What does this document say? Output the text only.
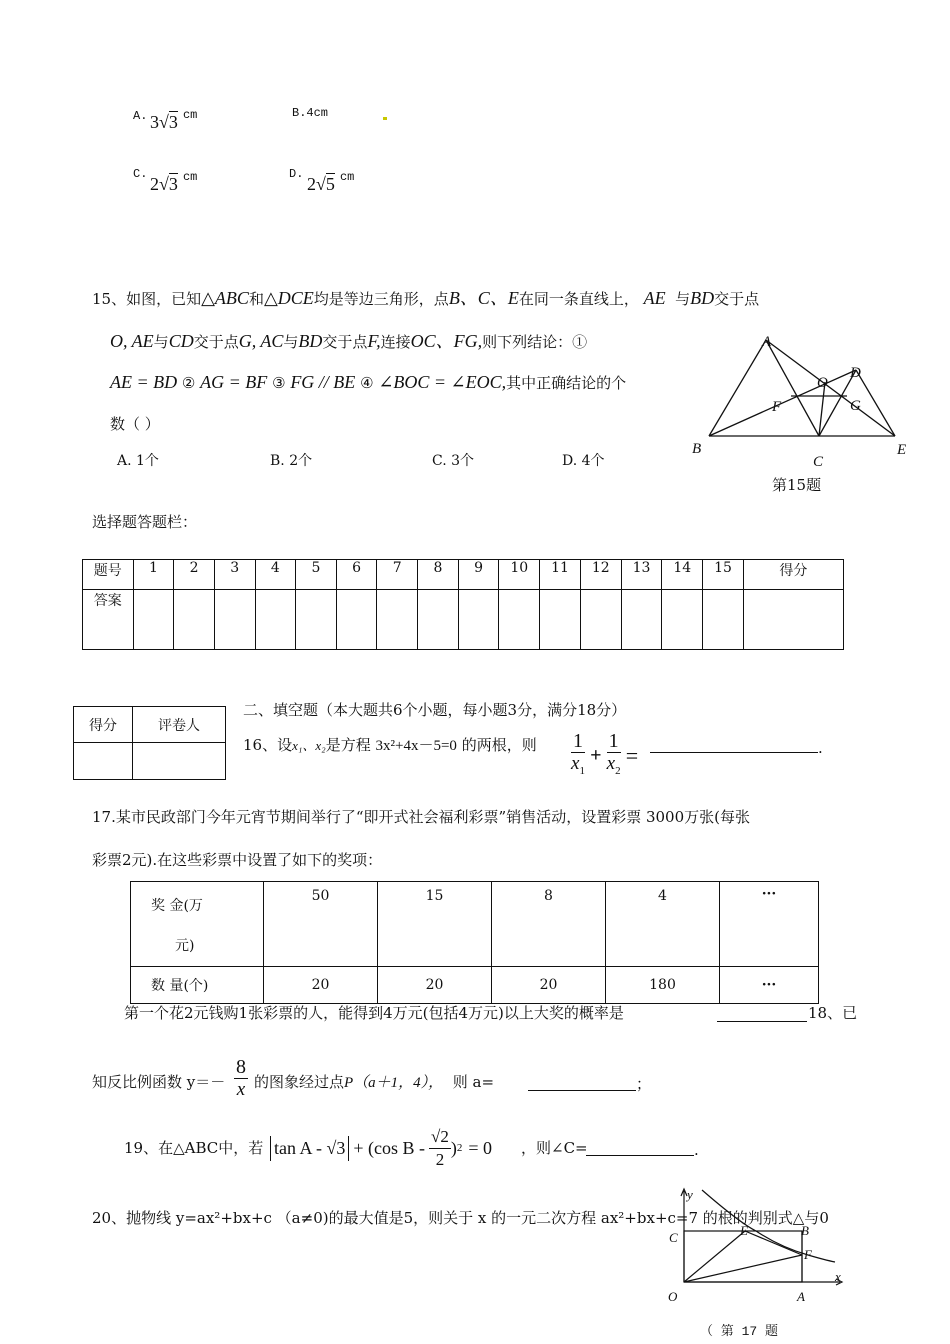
A. 3√3 $^{cm}$	B.4cm
C. 2√3 $^{cm}$	D. 2√5 $^{cm}$
15、如图，已知△ABC和△DCE均是等边三角形，点B、C、E在同一条直线上， AE 与BD交于点
O, AE与CD交于点G, AC与BD交于点F,连接OC、FG,则下列结论：①
AE = BD ② AG = BF ③ FG // BE ④ ∠BOC = ∠EOC,其中正确结论的个
数（ ）
A. 1个	B. 2个	C. 3个	D. 4个
A
B
C
D
E
F	G
O
第15题
选择题答题栏：
题号	1	2	3	4	5	6	7	8	9	10	11	12	13	14	15	得分
答案																
得分	评卷人

二、填空题（本大题共6个小题，每小题3分，满分18分）
16、设x₁、x₂是方程 3x²+4x－5=0 的两根，则 $\frac{1}{x_1} + \frac{1}{x_2}$ =	.
17.某市民政部门今年元宵节期间举行了“即开式社会福利彩票”销售活动，设置彩票 3000万张(每张
彩票2元).在这些彩票中设置了如下的奖项：
奖 金(万
元)	50	15	8	4	···
数 量(个)	20	20	20	180	···
第一个花2元钱购1张彩票的人，能得到4万元(包括4万元)以上大奖的概率是	18、已
知反比例函数 $y=- \frac{8}{x}$ 的图象经过点P（a＋1，4）， 则 a=	；
19、在△ABC中，若 tan A - √3 + (cos B - $\frac{√2}{2}$ ) 2 = 0 ，则∠C=	.
20、抛物线 y=ax²+bx+c （a≠0)的最大值是5，则关于 x 的一元二次方程 ax²+bx+c=7 的根的判别式△与0
y
x
C	E	B
F
O	A
（ 第 17 题
